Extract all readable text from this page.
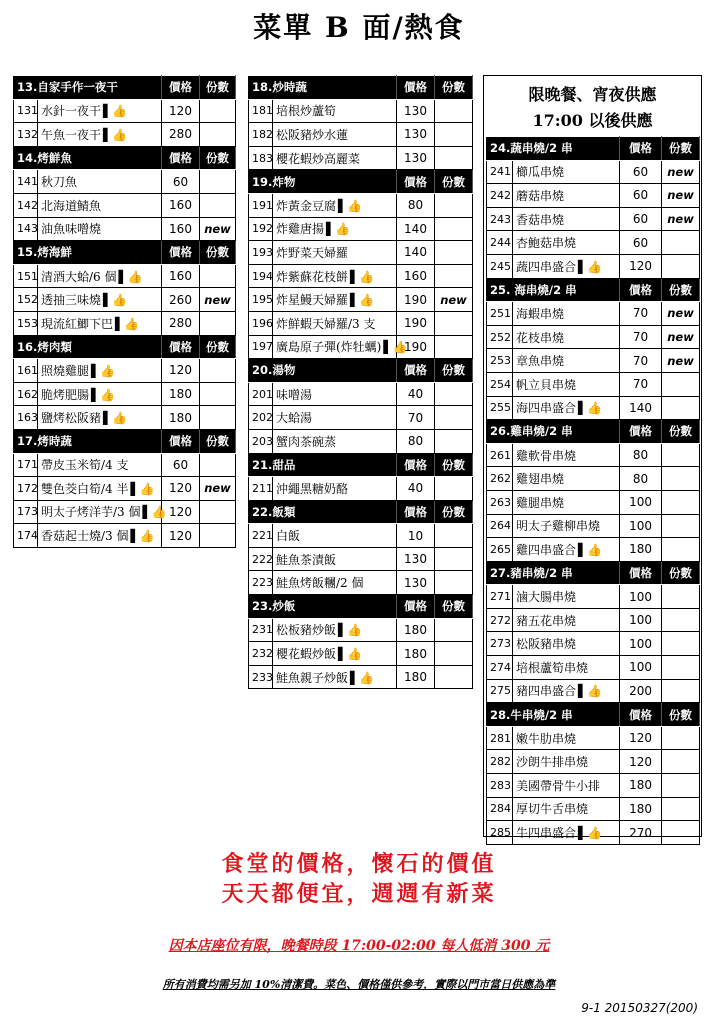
菜單 B 面/熱食
13.自家手作一夜干		價格	份數
131	水針一夜干 ▌👍	120	
132	午魚一夜干 ▌👍	280	
14.烤鮮魚		價格	份數
141	秋刀魚	60	
142	北海道鯖魚	160	
143	油魚味噌燒	160	new
15.烤海鮮		價格	份數
151	清酒大蛤/6 個 ▌👍	160	
152	透抽三味燒 ▌👍	260	new
153	現流紅鯽下巴 ▌👍	280	
16.烤肉類		價格	份數
161	照燒雞腿 ▌👍	120	
162	脆烤肥腸 ▌👍	180	
163	鹽烤松阪豬 ▌👍	180	
17.烤時蔬		價格	份數
171	帶皮玉米筍/4 支	60	
172	雙色茭白筍/4 半 ▌👍	120	new
173	明太子烤洋芋/3 個 ▌👍	120	
174	香菇起士燒/3 個 ▌👍	120	
18.炒時蔬		價格	份數
181	培根炒蘆筍	130	
182	松阪豬炒水蓮	130	
183	櫻花蝦炒高麗菜	130	
19.炸物		價格	份數
191	炸黃金豆腐 ▌👍	80	
192	炸雞唐揚 ▌👍	140	
193	炸野菜天婦羅	140	
194	炸紫蘇花枝餅 ▌👍	160	
195	炸星鰻天婦羅 ▌👍	190	new
196	炸鮮蝦天婦羅/3 支	190	
197	廣島原子彈(炸牡蠣) ▌👍	190	
20.湯物		價格	份數
201	味噌湯	40	
202	大蛤湯	70	
203	蟹肉茶碗蒸	80	
21.甜品		價格	份數
211	沖繩黑糖奶酪	40	
22.飯類		價格	份數
221	白飯	10	
222	鮭魚茶漬飯	130	
223	鮭魚烤飯糰/2 個	130	
23.炒飯		價格	份數
231	松板豬炒飯 ▌👍	180	
232	櫻花蝦炒飯 ▌👍	180	
233	鮭魚親子炒飯 ▌👍	180	
限晚餐、宵夜供應
17:00 以後供應
24.蔬串燒/2 串		價格	份數
241	櫛瓜串燒	60	new
242	蘑菇串燒	60	new
243	香菇串燒	60	new
244	杏鮑菇串燒	60	
245	蔬四串盛合 ▌👍	120	
25. 海串燒/2 串		價格	份數
251	海蝦串燒	70	new
252	花枝串燒	70	new
253	章魚串燒	70	new
254	帆立貝串燒	70	
255	海四串盛合 ▌👍	140	
26.雞串燒/2 串		價格	份數
261	雞軟骨串燒	80	
262	雞翅串燒	80	
263	雞腿串燒	100	
264	明太子雞柳串燒	100	
265	雞四串盛合 ▌👍	180	
27.豬串燒/2 串		價格	份數
271	滷大腸串燒	100	
272	豬五花串燒	100	
273	松阪豬串燒	100	
274	培根蘆筍串燒	100	
275	豬四串盛合 ▌👍	200	
28.牛串燒/2 串		價格	份數
281	嫩牛肋串燒	120	
282	沙朗牛排串燒	120	
283	美國帶骨牛小排	180	
284	厚切牛舌串燒	180	
285	牛四串盛合 ▌👍	270	
食堂的價格，懷石的價值
天天都便宜，週週有新菜
因本店座位有限，晚餐時段 17:00-02:00 每人低消 300 元
所有消費均需另加 10%清潔費。菜色、價格僅供參考，實際以門市當日供應為準
9-1 20150327(200)
